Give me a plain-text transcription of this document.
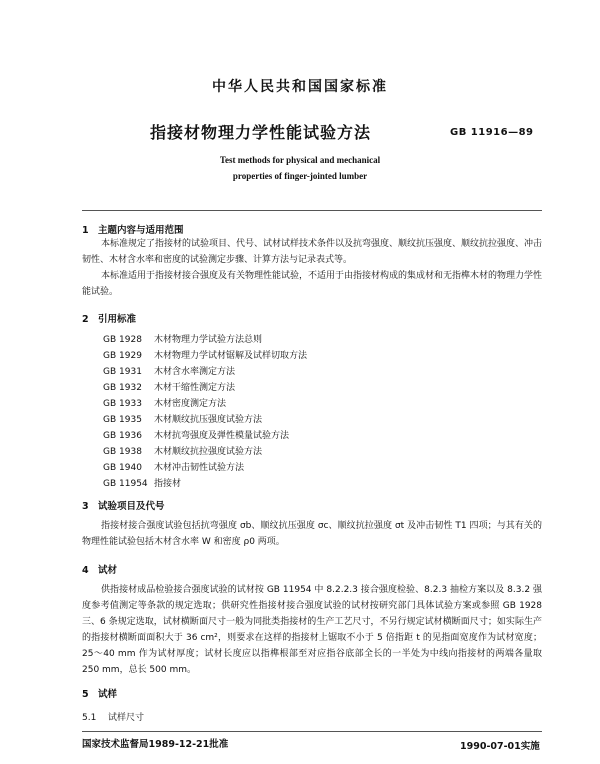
中华人民共和国国家标准
指接材物理力学性能试验方法	GB 11916—89
Test methods for physical and mechanical
properties of finger-jointed lumber
1 主题内容与适用范围
本标准规定了指接材的试验项目、代号、试材试样技术条件以及抗弯强度、顺纹抗压强度、顺纹抗拉强度、冲击韧性、木材含水率和密度的试验测定步骤、计算方法与记录表式等。
本标准适用于指接材接合强度及有关物理性能试验，不适用于由指接材构成的集成材和无指榫木材的物理力学性能试验。
2 引用标准
GB 1928 木材物理力学试验方法总则
GB 1929 木材物理力学试材锯解及试样切取方法
GB 1931 木材含水率测定方法
GB 1932 木材干缩性测定方法
GB 1933 木材密度测定方法
GB 1935 木材顺纹抗压强度试验方法
GB 1936 木材抗弯强度及弹性模量试验方法
GB 1938 木材顺纹抗拉强度试验方法
GB 1940 木材冲击韧性试验方法
GB 11954 指接材
3 试验项目及代号
指接材接合强度试验包括抗弯强度 σb、顺纹抗压强度 σc、顺纹抗拉强度 σt 及冲击韧性 T1 四项；与其有关的物理性能试验包括木材含水率 W 和密度 ρ0 两项。
4 试材
供指接材成品检验接合强度试验的试材按 GB 11954 中 8.2.2.3 接合强度检验、8.2.3 抽检方案以及 8.3.2 强度参考值测定等条款的规定选取；供研究性指接材接合强度试验的试材按研究部门具体试验方案或参照 GB 1928 三、6 条规定选取，试材横断面尺寸一般为同批类指接材的生产工艺尺寸，不另行规定试材横断面尺寸；如实际生产的指接材横断面面积大于 36 cm²，则要求在这样的指接材上锯取不小于 5 倍指距 t 的见指面宽度作为试材宽度；25～40 mm 作为试材厚度；试材长度应以指榫根部至对应指谷底部全长的一半处为中线向指接材的两端各量取 250 mm，总长 500 mm。
5 试样
5.1 试样尺寸
国家技术监督局1989-12-21批准	1990-07-01实施
